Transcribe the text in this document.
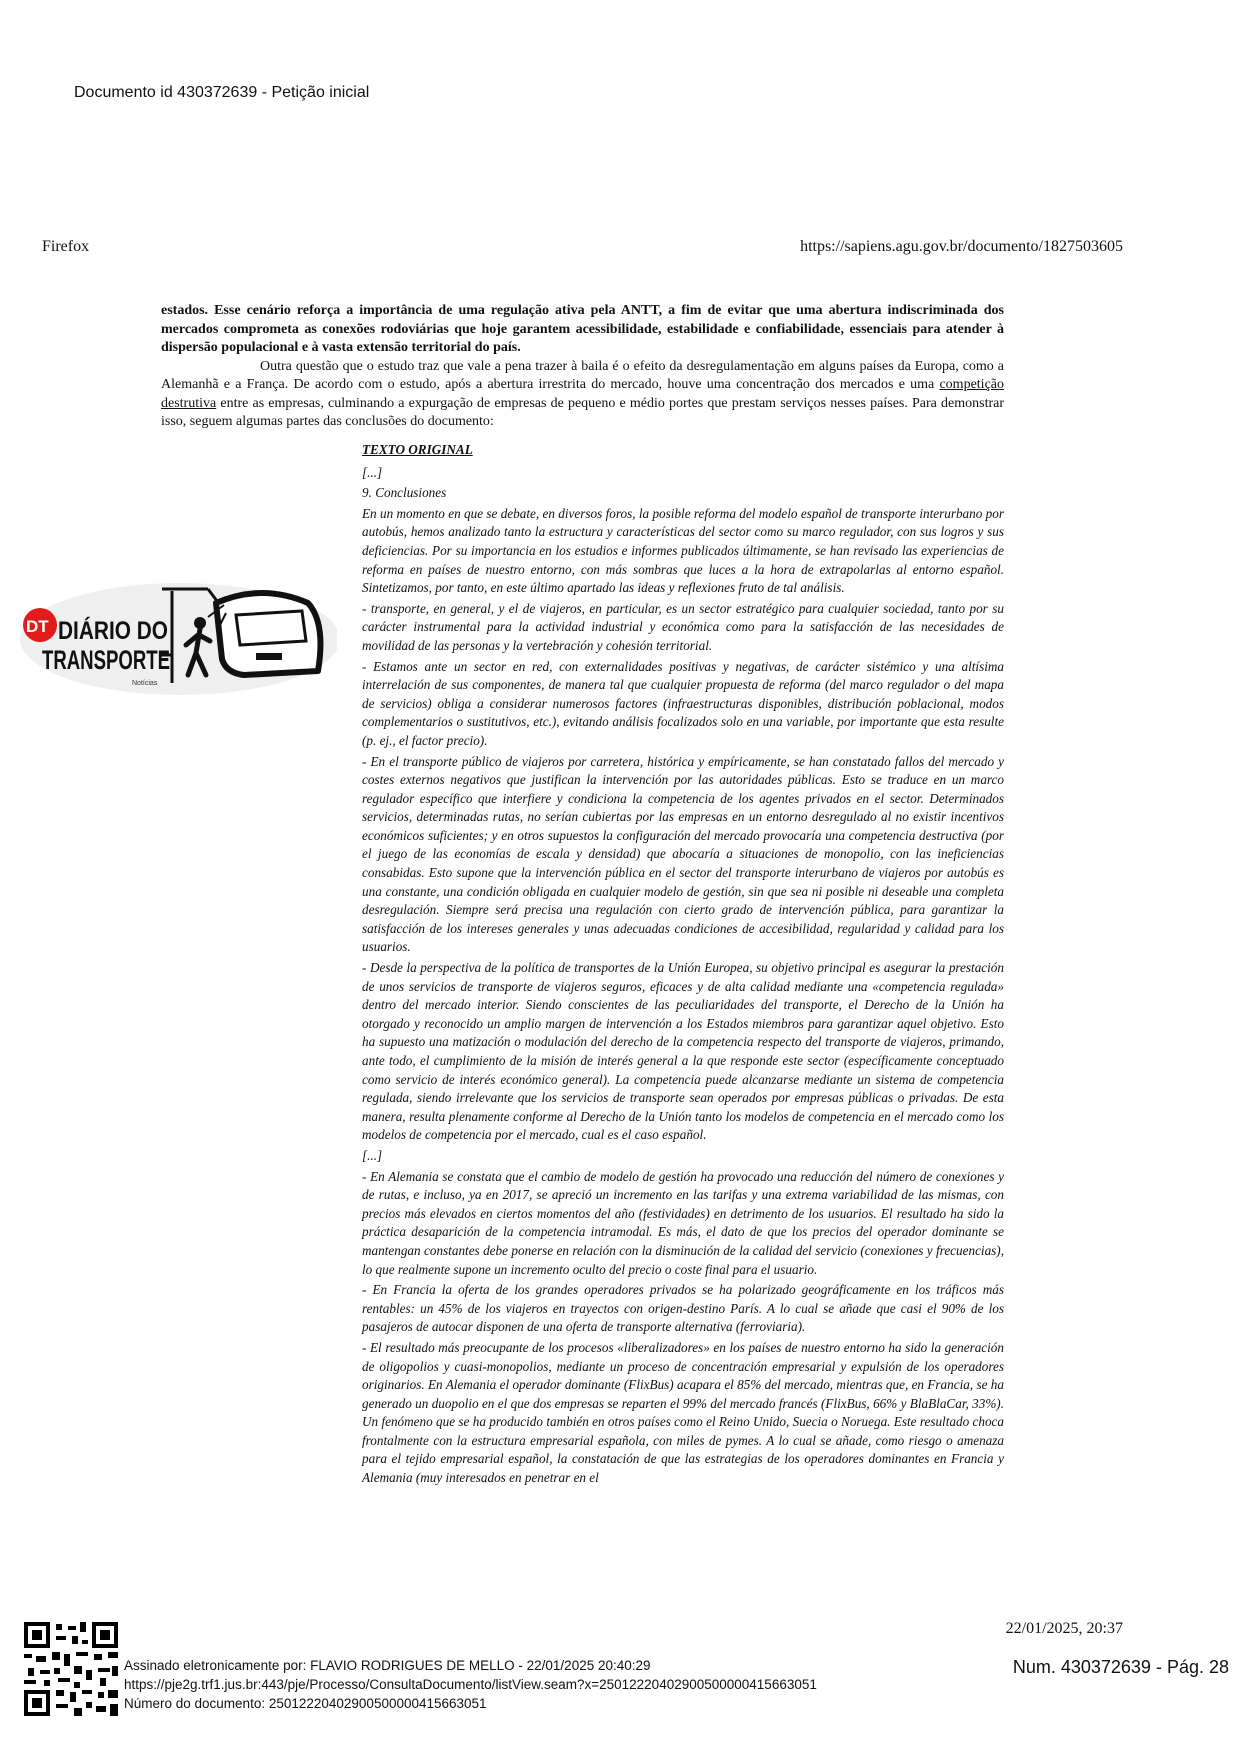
Documento id 430372639 - Petição inicial
Firefox	https://sapiens.agu.gov.br/documento/1827503605

estados. Esse cenário reforça a importância de uma regulação ativa pela ANTT, a fim de evitar que uma abertura indiscriminada dos mercados comprometa as conexões rodoviárias que hoje garantem acessibilidade, estabilidade e confiabilidade, essenciais para atender à dispersão populacional e à vasta extensão territorial do país.

Outra questão que o estudo traz que vale a pena trazer à baila é o efeito da desregulamentação em alguns países da Europa, como a Alemanhã e a França. De acordo com o estudo, após a abertura irrestrita do mercado, houve uma concentração dos mercados e uma competição destrutiva entre as empresas, culminando a expurgação de empresas de pequeno e médio portes que prestam serviços nesses países. Para demonstrar isso, seguem algumas partes das conclusões do documento:

DT DIÁRIO DO
TRANSPORTE
Notícias

TEXTO ORIGINAL

[...]

9. Conclusiones

En un momento en que se debate, en diversos foros, la posible reforma del modelo español de transporte interurbano por autobús, hemos analizado tanto la estructura y características del sector como su marco regulador, con sus logros y sus deficiencias. Por su importancia en los estudios e informes publicados últimamente, se han revisado las experiencias de reforma en países de nuestro entorno, con más sombras que luces a la hora de extrapolarlas al entorno español. Sintetizamos, por tanto, en este último apartado las ideas y reflexiones fruto de tal análisis.

- transporte, en general, y el de viajeros, en particular, es un sector estratégico para cualquier sociedad, tanto por su carácter instrumental para la actividad industrial y económica como para la satisfacción de las necesidades de movilidad de las personas y la vertebración y cohesión territorial.

- Estamos ante un sector en red, con externalidades positivas y negativas, de carácter sistémico y una altísima interrelación de sus componentes, de manera tal que cualquier propuesta de reforma (del marco regulador o del mapa de servicios) obliga a considerar numerosos factores (infraestructuras disponibles, distribución poblacional, modos complementarios o sustitutivos, etc.), evitando análisis focalizados solo en una variable, por importante que esta resulte (p. ej., el factor precio).

- En el transporte público de viajeros por carretera, histórica y empíricamente, se han constatado fallos del mercado y costes externos negativos que justifican la intervención por las autoridades públicas. Esto se traduce en un marco regulador específico que interfiere y condiciona la competencia de los agentes privados en el sector. Determinados servicios, determinadas rutas, no serían cubiertas por las empresas en un entorno desregulado al no existir incentivos económicos suficientes; y en otros supuestos la configuración del mercado provocaría una competencia destructiva (por el juego de las economías de escala y densidad) que abocaría a situaciones de monopolio, con las ineficiencias consabidas. Esto supone que la intervención pública en el sector del transporte interurbano de viajeros por autobús es una constante, una condición obligada en cualquier modelo de gestión, sin que sea ni posible ni deseable una completa desregulación. Siempre será precisa una regulación con cierto grado de intervención pública, para garantizar la satisfacción de los intereses generales y unas adecuadas condiciones de accesibilidad, regularidad y calidad para los usuarios.

- Desde la perspectiva de la política de transportes de la Unión Europea, su objetivo principal es asegurar la prestación de unos servicios de transporte de viajeros seguros, eficaces y de alta calidad mediante una «competencia regulada» dentro del mercado interior. Siendo conscientes de las peculiaridades del transporte, el Derecho de la Unión ha otorgado y reconocido un amplio margen de intervención a los Estados miembros para garantizar aquel objetivo. Esto ha supuesto una matización o modulación del derecho de la competencia respecto del transporte de viajeros, primando, ante todo, el cumplimiento de la misión de interés general a la que responde este sector (específicamente conceptuado como servicio de interés económico general). La competencia puede alcanzarse mediante un sistema de competencia regulada, siendo irrelevante que los servicios de transporte sean operados por empresas públicas o privadas. De esta manera, resulta plenamente conforme al Derecho de la Unión tanto los modelos de competencia en el mercado como los modelos de competencia por el mercado, cual es el caso español.

[...]

- En Alemania se constata que el cambio de modelo de gestión ha provocado una reducción del número de conexiones y de rutas, e incluso, ya en 2017, se apreció un incremento en las tarifas y una extrema variabilidad de las mismas, con precios más elevados en ciertos momentos del año (festividades) en detrimento de los usuarios. El resultado ha sido la práctica desaparición de la competencia intramodal. Es más, el dato de que los precios del operador dominante se mantengan constantes debe ponerse en relación con la disminución de la calidad del servicio (conexiones y frecuencias), lo que realmente supone un incremento oculto del precio o coste final para el usuario.

- En Francia la oferta de los grandes operadores privados se ha polarizado geográficamente en los tráficos más rentables: un 45% de los viajeros en trayectos con origen-destino París. A lo cual se añade que casi el 90% de los pasajeros de autocar disponen de una oferta de transporte alternativa (ferroviaria).

- El resultado más preocupante de los procesos «liberalizadores» en los países de nuestro entorno ha sido la generación de oligopolios y cuasi-monopolios, mediante un proceso de concentración empresarial y expulsión de los operadores originarios. En Alemania el operador dominante (FlixBus) acapara el 85% del mercado, mientras que, en Francia, se ha generado un duopolio en el que dos empresas se reparten el 99% del mercado francés (FlixBus, 66% y BlaBlaCar, 33%). Un fenómeno que se ha producido también en otros países como el Reino Unido, Suecia o Noruega. Este resultado choca frontalmente con la estructura empresarial española, con miles de pymes. A lo cual se añade, como riesgo o amenaza para el tejido empresarial español, la constatación de que las estrategias de los operadores dominantes en Francia y Alemania (muy interesados en penetrar en el

22/01/2025, 20:37
Assinado eletronicamente por: FLAVIO RODRIGUES DE MELLO - 22/01/2025 20:40:29
https://pje2g.trf1.jus.br:443/pje/Processo/ConsultaDocumento/listView.seam?x=25012220402900500000415663051
Número do documento: 25012220402900500000415663051
Num. 430372639 - Pág. 28
